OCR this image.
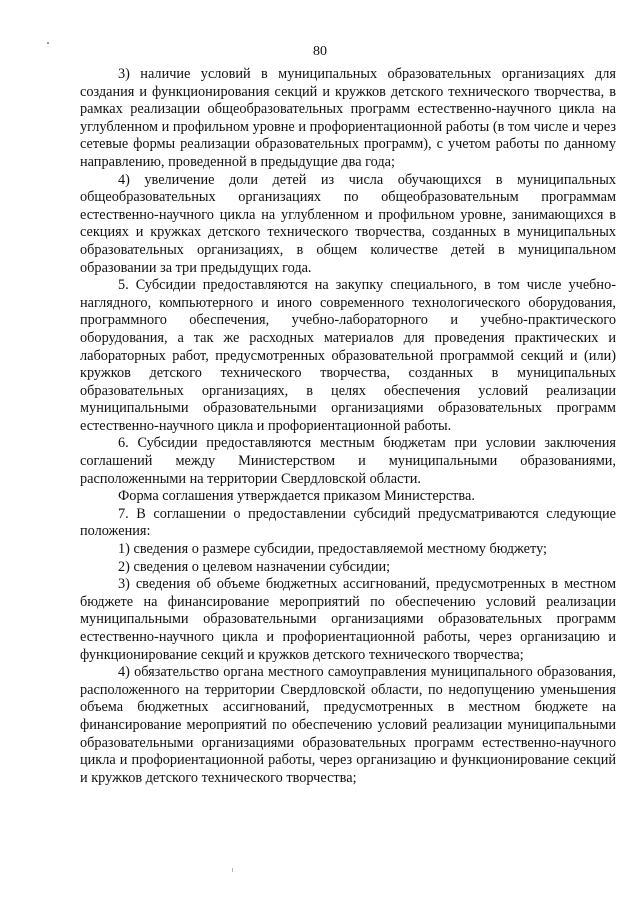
80

3) наличие условий в муниципальных образовательных организациях для создания и функционирования секций и кружков детского технического творчества, в рамках реализации общеобразовательных программ естественно-научного цикла на углубленном и профильном уровне и профориентационной работы (в том числе и через сетевые формы реализации образовательных программ), с учетом работы по данному направлению, проведенной в предыдущие два года;

4) увеличение доли детей из числа обучающихся в муниципальных общеобразовательных организациях по общеобразовательным программам естественно-научного цикла на углубленном и профильном уровне, занимающихся в секциях и кружках детского технического творчества, созданных в муниципальных образовательных организациях, в общем количестве детей в муниципальном образовании за три предыдущих года.

5. Субсидии предоставляются на закупку специального, в том числе учебно-наглядного, компьютерного и иного современного технологического оборудования, программного обеспечения, учебно-лабораторного и учебно-практического оборудования, а так же расходных материалов для проведения практических и лабораторных работ, предусмотренных образовательной программой секций и (или) кружков детского технического творчества, созданных в муниципальных образовательных организациях, в целях обеспечения условий реализации муниципальными образовательными организациями образовательных программ естественно-научного цикла и профориентационной работы.

6. Субсидии предоставляются местным бюджетам при условии заключения соглашений между Министерством и муниципальными образованиями, расположенными на территории Свердловской области.

Форма соглашения утверждается приказом Министерства.

7. В соглашении о предоставлении субсидий предусматриваются следующие положения:

1) сведения о размере субсидии, предоставляемой местному бюджету;

2) сведения о целевом назначении субсидии;

3) сведения об объеме бюджетных ассигнований, предусмотренных в местном бюджете на финансирование мероприятий по обеспечению условий реализации муниципальными образовательными организациями образовательных программ естественно-научного цикла и профориентационной работы, через организацию и функционирование секций и кружков детского технического творчества;

4) обязательство органа местного самоуправления муниципального образования, расположенного на территории Свердловской области, по недопущению уменьшения объема бюджетных ассигнований, предусмотренных в местном бюджете на финансирование мероприятий по обеспечению условий реализации муниципальными образовательными организациями образовательных программ естественно-научного цикла и профориентационной работы, через организацию и функционирование секций и кружков детского технического творчества;
